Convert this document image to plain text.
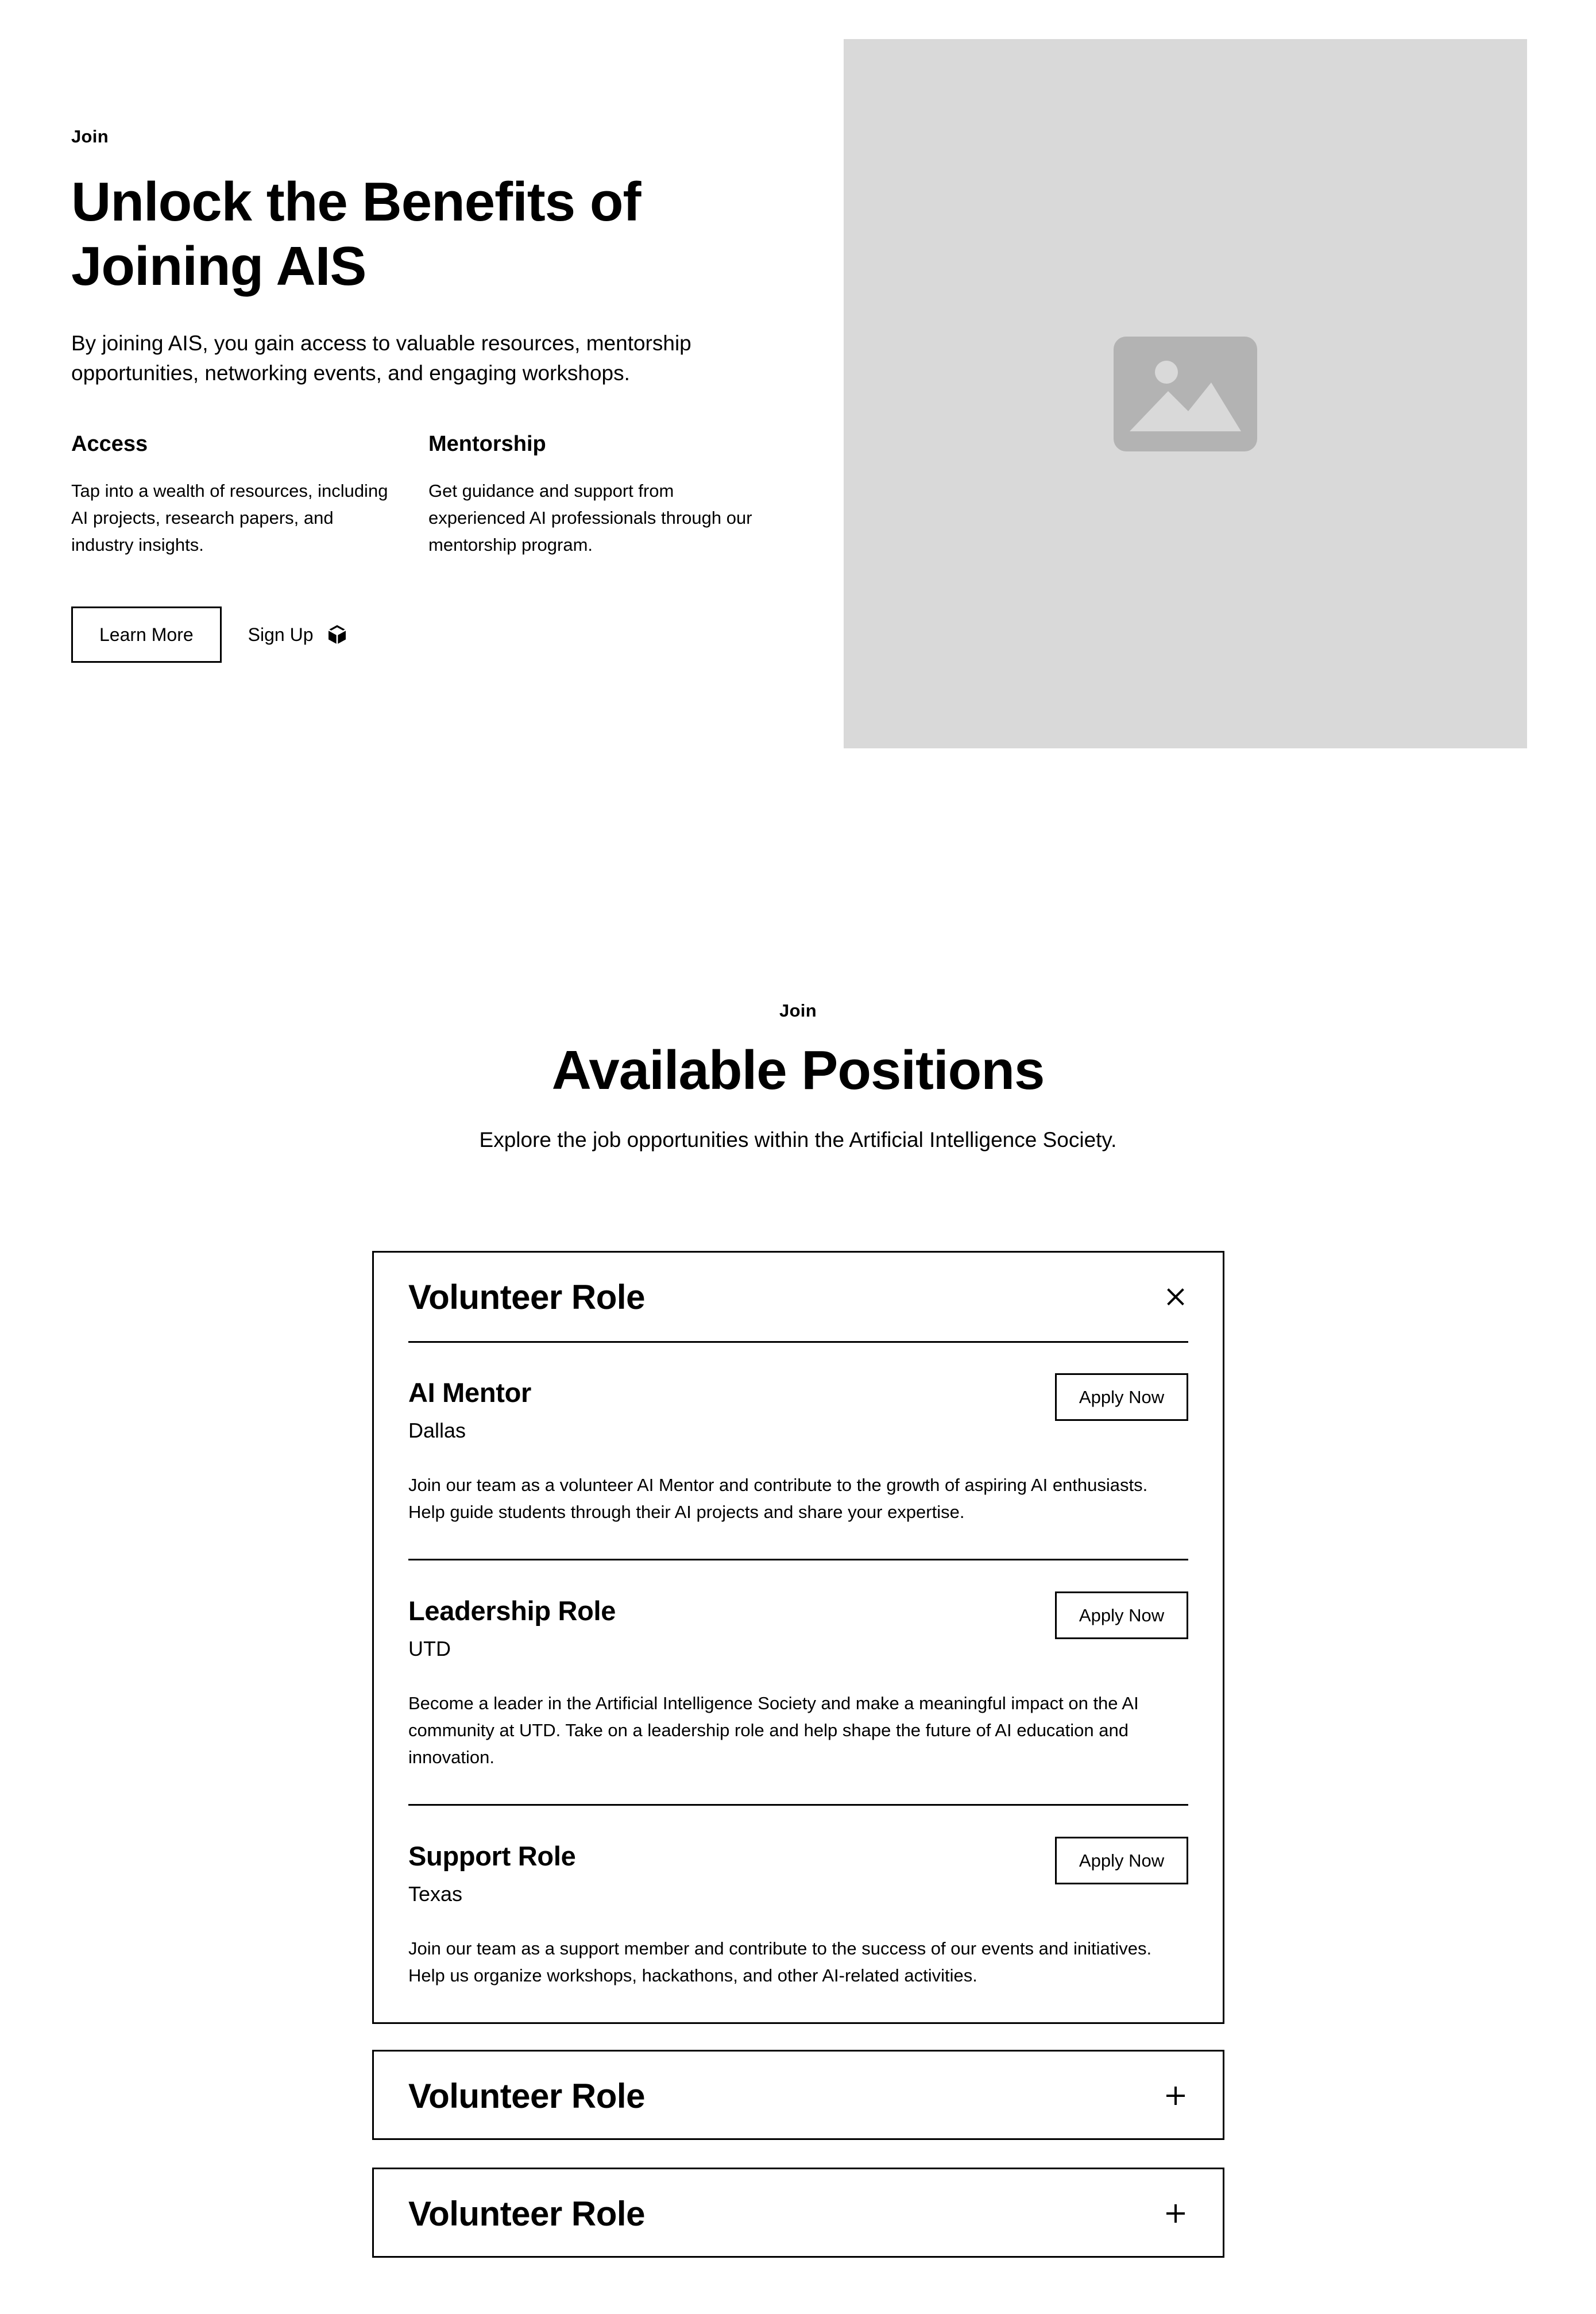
Join
Unlock the Benefits of Joining AIS

By joining AIS, you gain access to valuable resources, mentorship opportunities, networking events, and engaging workshops.

Access
Tap into a wealth of resources, including AI projects, research papers, and industry insights.
Mentorship
Get guidance and support from experienced AI professionals through our mentorship program.
Learn More	Sign Up
Join
Available Positions

Explore the job opportunities within the Artificial Intelligence Society.

Volunteer Role
AI Mentor
Dallas
Apply Now

Join our team as a volunteer AI Mentor and contribute to the growth of aspiring AI enthusiasts. Help guide students through their AI projects and share your expertise.

Leadership Role
UTD
Apply Now

Become a leader in the Artificial Intelligence Society and make a meaningful impact on the AI community at UTD. Take on a leadership role and help shape the future of AI education and innovation.

Support Role
Texas
Apply Now

Join our team as a support member and contribute to the success of our events and initiatives. Help us organize workshops, hackathons, and other AI-related activities.

Volunteer Role
Volunteer Role
